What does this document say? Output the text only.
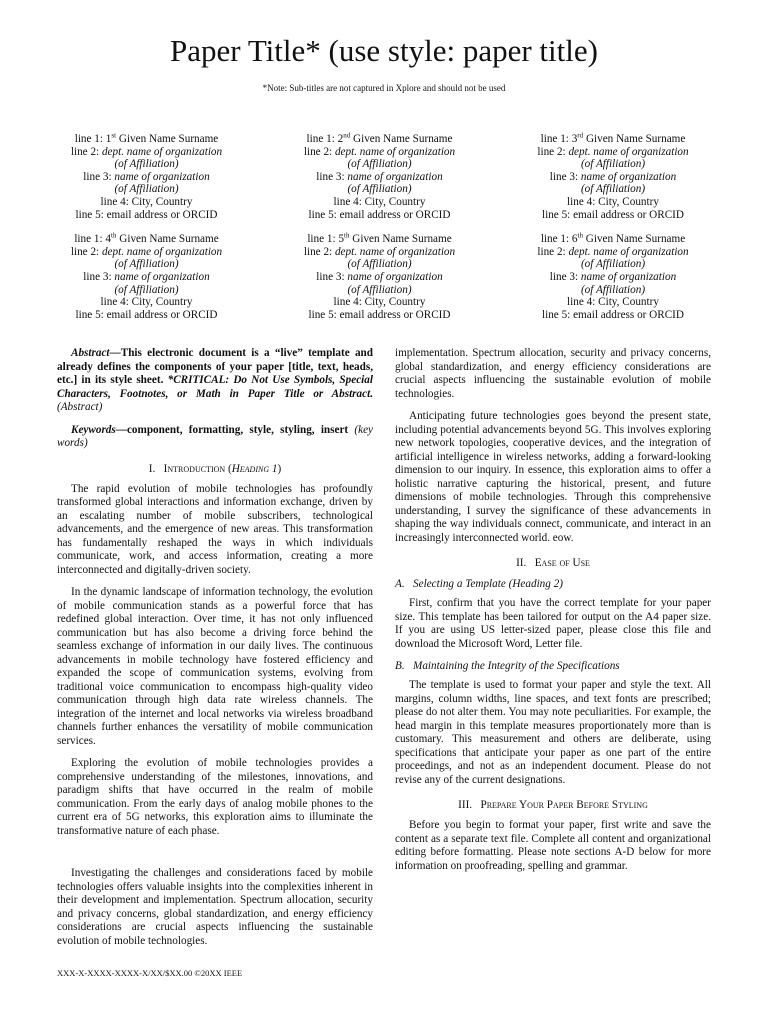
Paper Title* (use style: paper title)
*Note: Sub-titles are not captured in Xplore and should not be used
line 1: 1st Given Name Surname
line 2: dept. name of organization
(of Affiliation)
line 3: name of organization
(of Affiliation)
line 4: City, Country
line 5: email address or ORCID
line 1: 2nd Given Name Surname
line 2: dept. name of organization
(of Affiliation)
line 3: name of organization
(of Affiliation)
line 4: City, Country
line 5: email address or ORCID
line 1: 3rd Given Name Surname
line 2: dept. name of organization
(of Affiliation)
line 3: name of organization
(of Affiliation)
line 4: City, Country
line 5: email address or ORCID
line 1: 4th Given Name Surname
line 2: dept. name of organization
(of Affiliation)
line 3: name of organization
(of Affiliation)
line 4: City, Country
line 5: email address or ORCID
line 1: 5th Given Name Surname
line 2: dept. name of organization
(of Affiliation)
line 3: name of organization
(of Affiliation)
line 4: City, Country
line 5: email address or ORCID
line 1: 6th Given Name Surname
line 2: dept. name of organization
(of Affiliation)
line 3: name of organization
(of Affiliation)
line 4: City, Country
line 5: email address or ORCID

Abstract—This electronic document is a “live” template and already defines the components of your paper [title, text, heads, etc.] in its style sheet. *CRITICAL: Do Not Use Symbols, Special Characters, Footnotes, or Math in Paper Title or Abstract. (Abstract)

Keywords—component, formatting, style, styling, insert (key words)

I.   Introduction (Heading 1)

The rapid evolution of mobile technologies has profoundly transformed global interactions and information exchange, driven by an escalating number of mobile subscribers, technological advancements, and the emergence of new areas. This transformation has fundamentally reshaped the ways in which individuals communicate, work, and access information, creating a more interconnected and digitally-driven society.

In the dynamic landscape of information technology, the evolution of mobile communication stands as a powerful force that has redefined global interaction. Over time, it has not only influenced communication but has also become a driving force behind the seamless exchange of information in our daily lives. The continuous advancements in mobile technology have fostered efficiency and expanded the scope of communication systems, evolving from traditional voice communication to encompass high-quality video communication through high data rate wireless channels. The integration of the internet and local networks via wireless broadband channels further enhances the versatility of mobile communication services.

Exploring the evolution of mobile technologies provides a comprehensive understanding of the milestones, innovations, and paradigm shifts that have occurred in the realm of mobile communication. From the early days of analog mobile phones to the current era of 5G networks, this exploration aims to illuminate the transformative nature of each phase.

Investigating the challenges and considerations faced by mobile technologies offers valuable insights into the complexities inherent in their development and implementation. Spectrum allocation, security and privacy concerns, global standardization, and energy efficiency considerations are crucial aspects influencing the sustainable evolution of mobile technologies.

implementation. Spectrum allocation, security and privacy concerns, global standardization, and energy efficiency considerations are crucial aspects influencing the sustainable evolution of mobile technologies.

Anticipating future technologies goes beyond the present state, including potential advancements beyond 5G. This involves exploring new network topologies, cooperative devices, and the integration of artificial intelligence in wireless networks, adding a forward-looking dimension to our inquiry. In essence, this exploration aims to offer a holistic narrative capturing the historical, present, and future dimensions of mobile technologies. Through this comprehensive understanding, I survey the significance of these advancements in shaping the way individuals connect, communicate, and interact in an increasingly interconnected world. eow.

II.   Ease of Use
A.   Selecting a Template (Heading 2)

First, confirm that you have the correct template for your paper size. This template has been tailored for output on the A4 paper size. If you are using US letter-sized paper, please close this file and download the Microsoft Word, Letter file.

B.   Maintaining the Integrity of the Specifications

The template is used to format your paper and style the text. All margins, column widths, line spaces, and text fonts are prescribed; please do not alter them. You may note peculiarities. For example, the head margin in this template measures proportionately more than is customary. This measurement and others are deliberate, using specifications that anticipate your paper as one part of the entire proceedings, and not as an independent document. Please do not revise any of the current designations.

III.   Prepare Your Paper Before Styling

Before you begin to format your paper, first write and save the content as a separate text file. Complete all content and organizational editing before formatting. Please note sections A-D below for more information on proofreading, spelling and grammar.

XXX-X-XXXX-XXXX-X/XX/$XX.00 ©20XX IEEE
